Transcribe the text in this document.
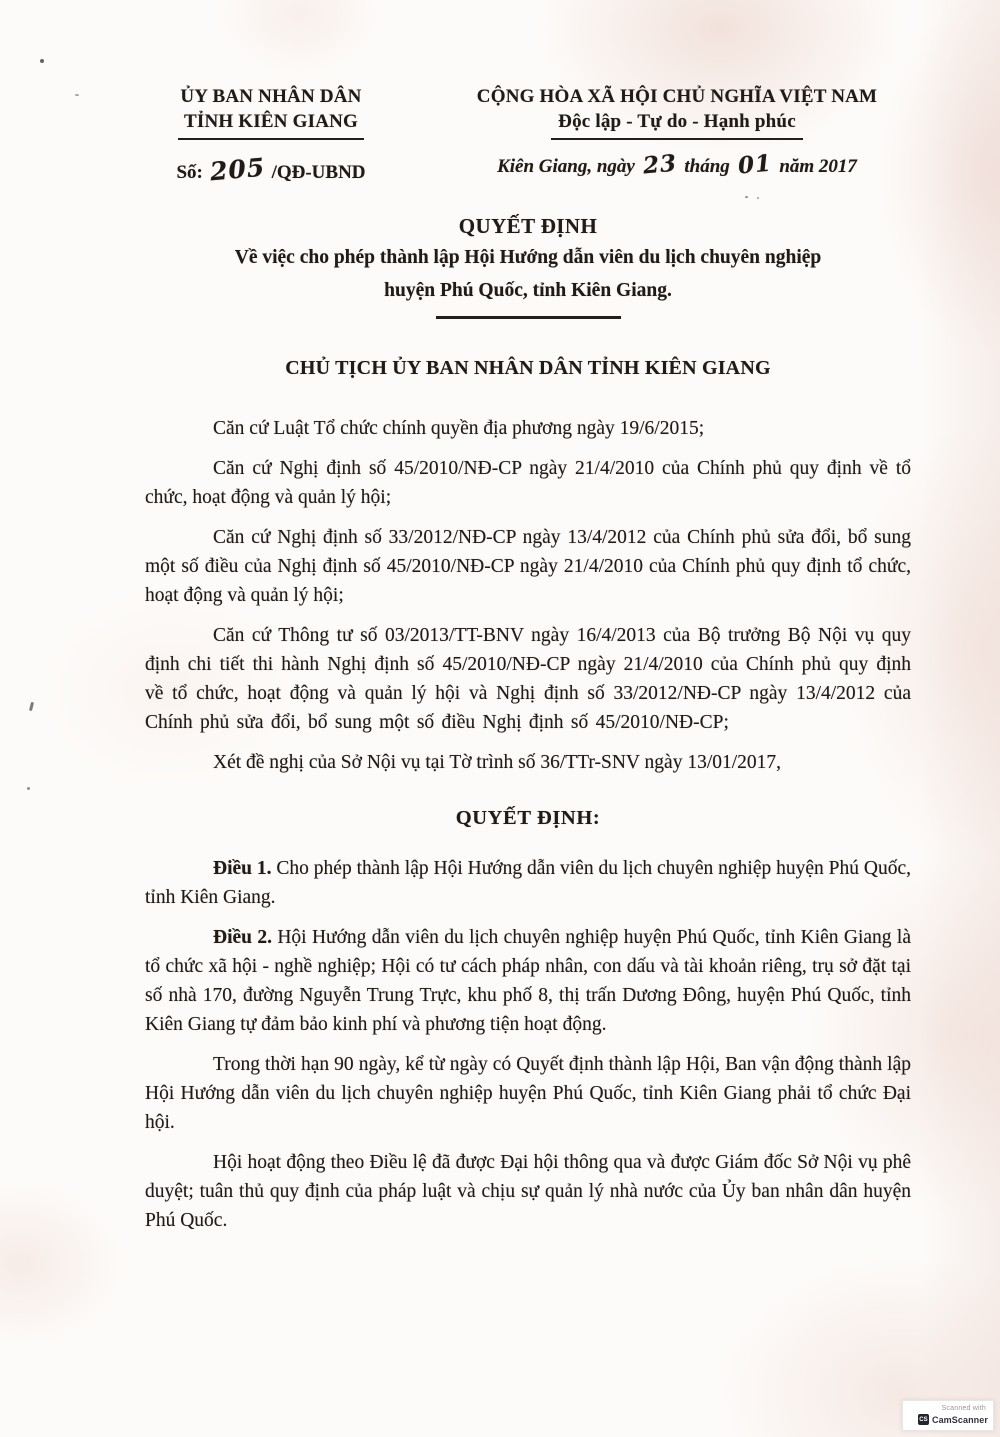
ỦY BAN NHÂN DÂN
TỈNH KIÊN GIANG
Số: 205 /QĐ-UBND
CỘNG HÒA XÃ HỘI CHỦ NGHĨA VIỆT NAM
Độc lập - Tự do - Hạnh phúc
Kiên Giang, ngày 23 tháng 01 năm 2017
QUYẾT ĐỊNH
Về việc cho phép thành lập Hội Hướng dẫn viên du lịch chuyên nghiệp
huyện Phú Quốc, tỉnh Kiên Giang.
CHỦ TỊCH ỦY BAN NHÂN DÂN TỈNH KIÊN GIANG

Căn cứ Luật Tổ chức chính quyền địa phương ngày 19/6/2015;

Căn cứ Nghị định số 45/2010/NĐ-CP ngày 21/4/2010 của Chính phủ quy định về tổ chức, hoạt động và quản lý hội;

Căn cứ Nghị định số 33/2012/NĐ-CP ngày 13/4/2012 của Chính phủ sửa đổi, bổ sung một số điều của Nghị định số 45/2010/NĐ-CP ngày 21/4/2010 của Chính phủ quy định tổ chức, hoạt động và quản lý hội;

Căn cứ Thông tư số 03/2013/TT-BNV ngày 16/4/2013 của Bộ trưởng Bộ Nội vụ quy định chi tiết thi hành Nghị định số 45/2010/NĐ-CP ngày 21/4/2010 của Chính phủ quy định về tổ chức, hoạt động và quản lý hội và Nghị định số 33/2012/NĐ-CP ngày 13/4/2012 của Chính phủ sửa đổi, bổ sung một số điều Nghị định số 45/2010/NĐ-CP;

Xét đề nghị của Sở Nội vụ tại Tờ trình số 36/TTr-SNV ngày 13/01/2017,

QUYẾT ĐỊNH:

Điều 1. Cho phép thành lập Hội Hướng dẫn viên du lịch chuyên nghiệp huyện Phú Quốc, tỉnh Kiên Giang.

Điều 2. Hội Hướng dẫn viên du lịch chuyên nghiệp huyện Phú Quốc, tỉnh Kiên Giang là tổ chức xã hội - nghề nghiệp; Hội có tư cách pháp nhân, con dấu và tài khoản riêng, trụ sở đặt tại số nhà 170, đường Nguyễn Trung Trực, khu phố 8, thị trấn Dương Đông, huyện Phú Quốc, tỉnh Kiên Giang tự đảm bảo kinh phí và phương tiện hoạt động.

Trong thời hạn 90 ngày, kể từ ngày có Quyết định thành lập Hội, Ban vận động thành lập Hội Hướng dẫn viên du lịch chuyên nghiệp huyện Phú Quốc, tỉnh Kiên Giang phải tổ chức Đại hội.

Hội hoạt động theo Điều lệ đã được Đại hội thông qua và được Giám đốc Sở Nội vụ phê duyệt; tuân thủ quy định của pháp luật và chịu sự quản lý nhà nước của Ủy ban nhân dân huyện Phú Quốc.

Scanned with
CS CamScanner
